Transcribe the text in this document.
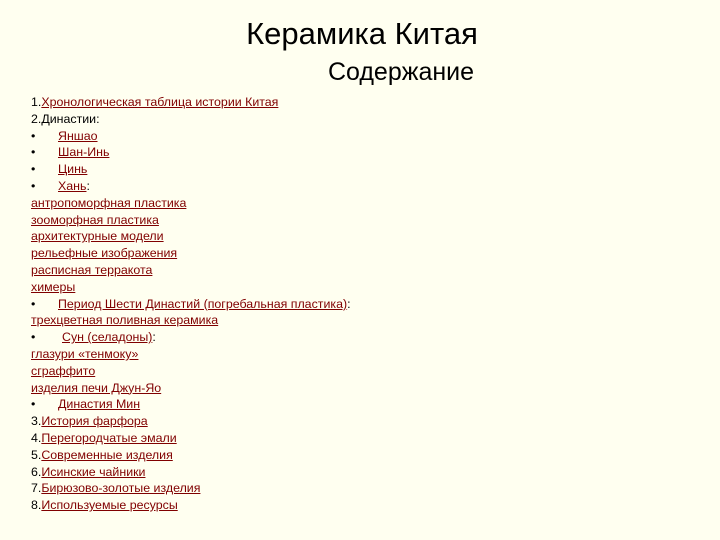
Керамика Китая
Содержание
1.Хронологическая таблица истории Китая
2.Династии:
• Яншао
• Шан-Инь
• Цинь
• Хань:
антропоморфная пластика
зооморфная пластика
архитектурные модели
рельефные изображения
расписная терракота
химеры
• Период Шести Династий (погребальная пластика):
трехцветная поливная керамика
• Сун (селадоны):
глазури «тенмоку»
сграффито
изделия печи Джун-Яо
• Династия Мин
3.История фарфора
4.Перегородчатые эмали
5.Современные изделия
6.Исинские чайники
7.Бирюзово-золотые изделия
8.Используемые ресурсы
